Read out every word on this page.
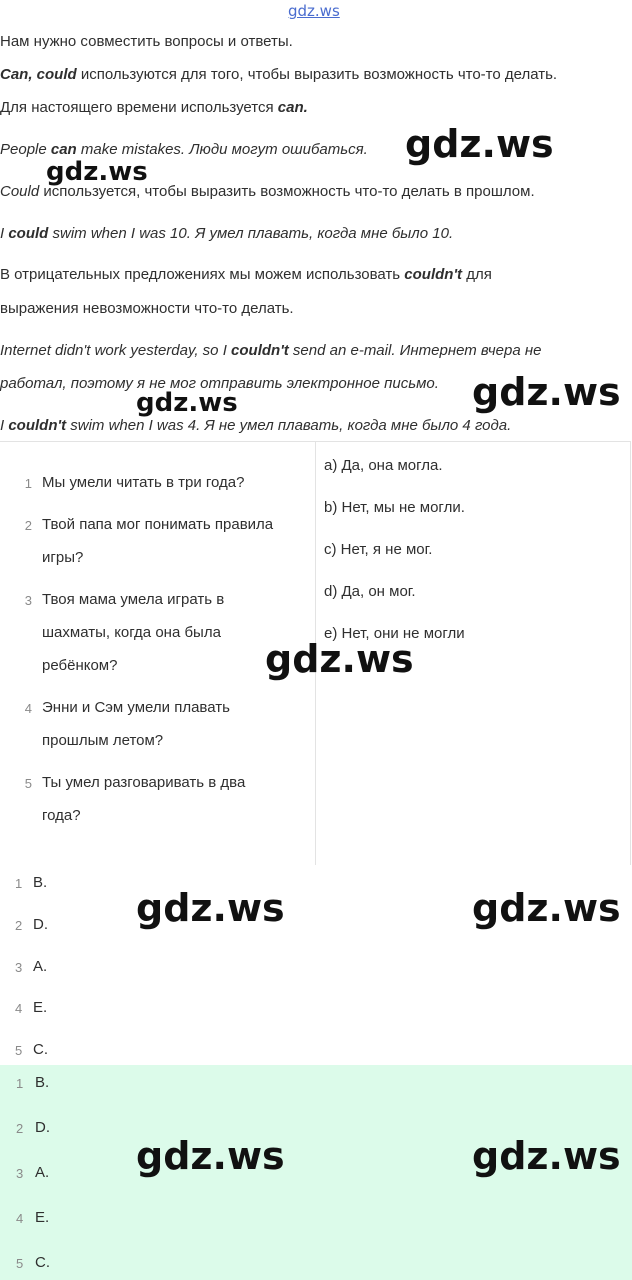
gdz.ws
Нам нужно совместить вопросы и ответы.
Can, could используются для того, чтобы выразить возможность что-то делать.
Для настоящего времени используется can.
People can make mistakes. Люди могут ошибаться.
Could используется, чтобы выразить возможность что-то делать в прошлом.
I could swim when I was 10. Я умел плавать, когда мне было 10.
В отрицательных предложениях мы можем использовать couldn't для
выражения невозможности что-то делать.
Internet didn't work yesterday, so I couldn't send an e-mail. Интернет вчера не
работал, поэтому я не мог отправить электронное письмо.
I couldn't swim when I was 4. Я не умел плавать, когда мне было 4 года.
1 Мы умели читать в три года?
2 Твой папа мог понимать правила игры?
3 Твоя мама умела играть в шахматы, когда она была ребёнком?
4 Энни и Сэм умели плавать прошлым летом?
5 Ты умел разговаривать в два года?
a) Да, она могла.
b) Нет, мы не могли.
c) Нет, я не мог.
d) Да, он мог.
e) Нет, они не могли
1 B.
2 D.
3 A.
4 E.
5 C.
1 B.
2 D.
3 A.
4 E.
5 C.
gdz.ws
gdz.ws
gdz.ws
gdz.ws
gdz.ws
gdz.ws	gdz.ws
gdz.ws	gdz.ws
